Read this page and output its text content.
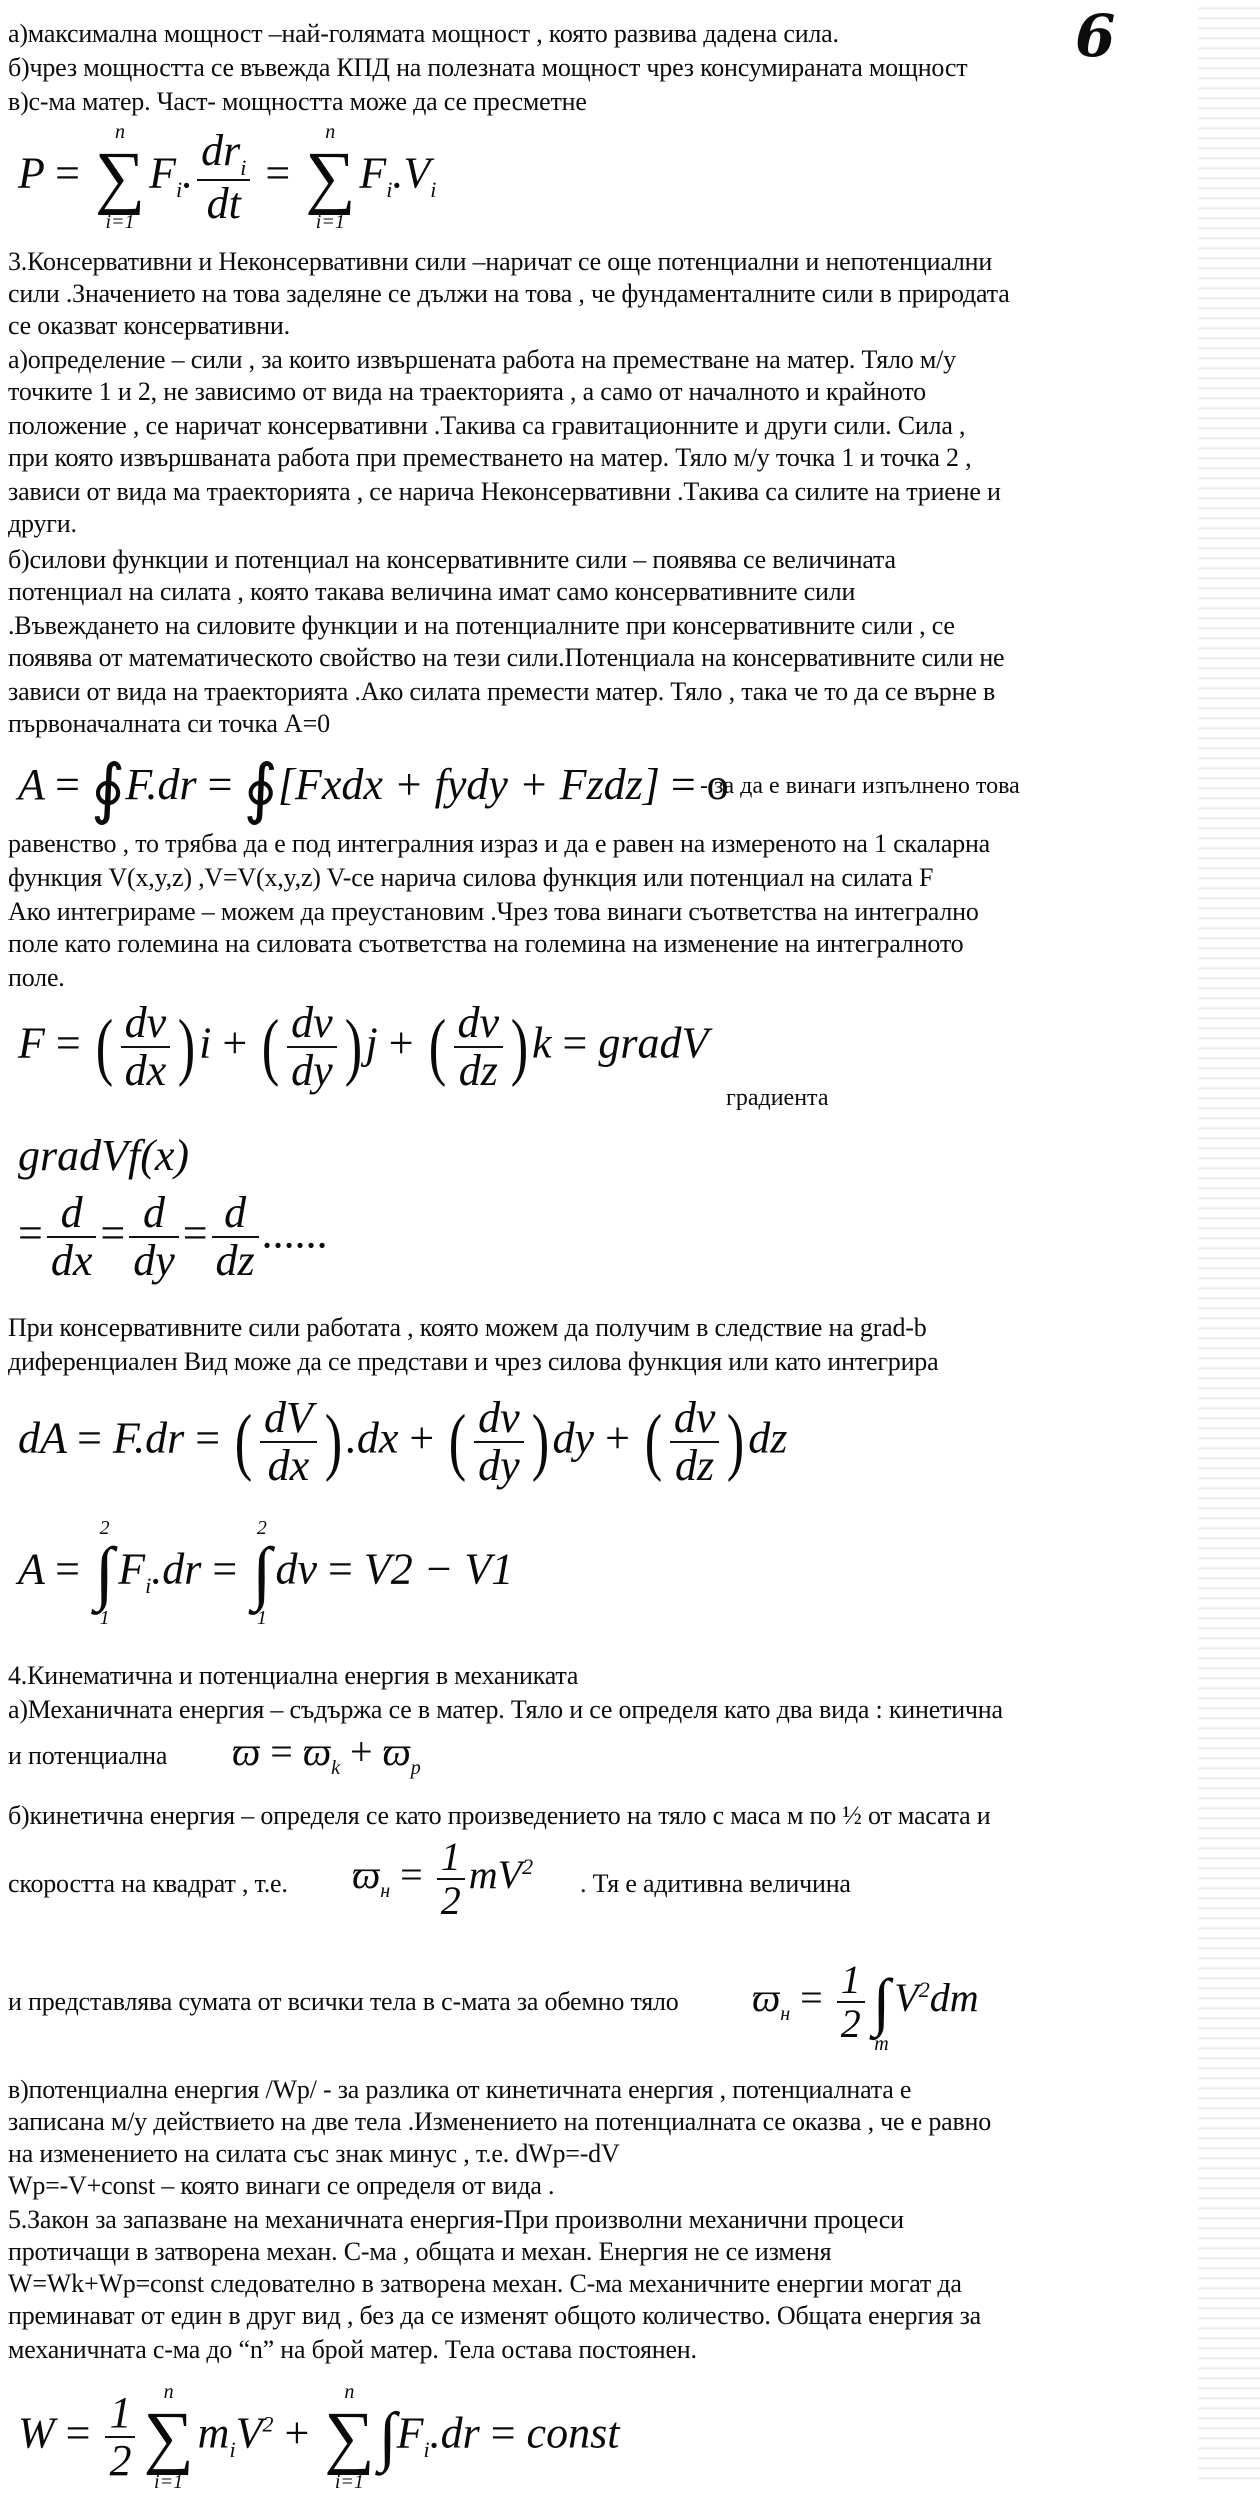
6
а)максимална мощност –най-голямата мощност , която развива дадена сила.
б)чрез мощността се въвежда КПД на полезната мощност чрез консумираната мощност
в)с-ма матер. Част- мощността може да се пресметне
P =
n
∑
i=1
$F_i$. $\frac{dr_i}{dt}$ =
n
∑
i=1
$F_i.V_i$
3.Консервативни и Неконсервативни сили –наричат се още потенциални и непотенциални
сили .Значението на това заделяне се дължи на това , че фундаменталните сили в природата
се оказват консервативни.
а)определение – сили , за които извършената работа на преместване на матер. Тяло м/у
точките 1 и 2, не зависимо от вида на траекторията , а само от началното и крайното
положение , се наричат консервативни .Такива са гравитационните и други сили. Сила ,
при която извършваната работа при преместването на матер. Тяло м/у точка 1 и точка 2 ,
зависи от вида ма траекторията , се нарича Неконсервативни .Такива са силите на триене и
други.
б)силови функции и потенциал на консервативните сили – появява се величината
потенциал на силата , която такава величина имат само консервативните сили
.Въвеждането на силовите функции и на потенциалните при консервативните сили , се
появява от математическото свойство на тези сили.Потенциала на консервативните сили не
зависи от вида на траекторията .Ако силата премести матер. Тяло , така че то да се върне в
първоначалната си точка A=0
A = ∮F.dr = ∮[Fxdx + fydy + Fzdz] = o
- за да е винаги изпълнено това
равенство , то трябва да е под интегралния израз и да е равен на измереното на 1 скаларна
функция V(x,y,z) ,V=V(x,y,z) V-се нарича силова функция или потенциал на силата F
Ако интегрираме – можем да преустановим .Чрез това винаги съответства на интегрално
поле като големина на силовата съответства на големина на изменение на интегралното
поле.
F = ( $\frac{dv}{dx} )i$ + ( $\frac{dv}{dy} )j$ + ( $\frac{dv}{dz} )k$ = gradV
градиента
gradVf(x)
= $\frac{d}{dx} = \frac{d}{dy} = \frac{d}{dz}$ ......
При консервативните сили работата , която можем да получим в следствие на grad-b
диференциален Вид може да се представи и чрез силова функция или като интегрира
dA = F.dr = ( $\frac{dV}{dx} ).dx$ + ( $\frac{dv}{dy} )dy$ + ( $\frac{dv}{dz} )dz$
A =
2
∫
1
$F_i.dr$ =
2
∫
1
dv = V2 − V1
4.Кинематична и потенциална енергия в механиката
а)Механичната енергия – съдържа се в матер. Тяло и се определя като два вида : кинетична
и потенциална $ϖ = ϖ_k + ϖ_p$
б)кинетична енергия – определя се като произведението на тяло с маса м по ½ от масата и
скоростта на квадрат , т.е. $ϖ_н = \frac{1}{2} mV^2$
. Тя е адитивна величина
и представлява сумата от всички тела в с-мата за обемно тяло $ϖ_н = \frac{1}{2}$
∫
m
$V^2dm$
в)потенциална енергия /Wp/ - за разлика от кинетичната енергия , потенциалната е
записана м/у действието на две тела .Изменението на потенциалната се оказва , че е равно
на изменението на силата със знак минус , т.е. dWp=-dV
Wp=-V+const – която винаги се определя от вида .
5.Закон за запазване на механичната енергия-При произволни механични процеси
протичащи в затворена механ. С-ма , общата и механ. Енергия не се изменя
W=Wk+Wp=const следователно в затворена механ. С-ма механичните енергии могат да
преминават от един в друг вид , без да се изменят общото количество. Общата енергия за
механичната с-ма до “n” на брой матер. Тела остава постоянен.
$W = \frac{1}{2}$	n
∑
i=1
$m_iV^2$ +
n
∑
i=1
$\int F_i.dr$ = const
